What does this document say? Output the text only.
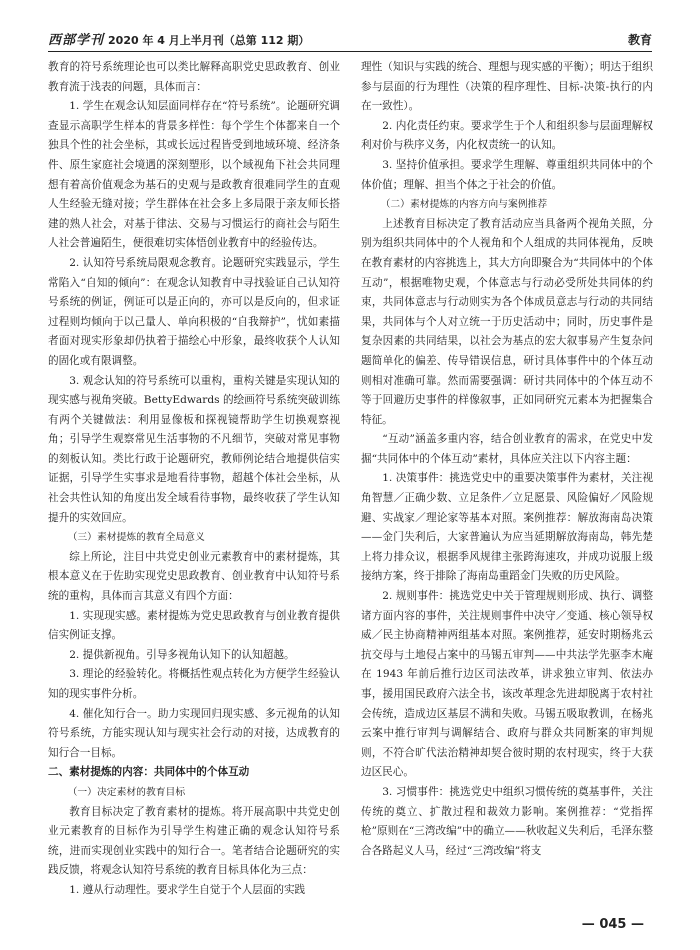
西部学刊 2020 年 4 月上半月刊（总第 112 期）	教育

教育的符号系统理论也可以类比解释高职党史思政教育、创业教育流于浅表的问题，具体而言：

1. 学生在观念认知层面同样存在“符号系统”。论题研究调查显示高职学生样本的背景多样性：每个学生个体都来自一个独具个性的社会坐标，其或长远过程皆受到地域环境、经济条件、原生家庭社会境遇的深刻塑形，以个域视角下社会共同理想有着高价值观念为基石的史观与是政教育很难同学生的直观人生经验无缝对接；学生群体在社会多上多局限于亲友师长搭建的熟人社会，对基于律法、交易与习惯运行的商社会与陌生人社会普遍陌生，便很难切实体悟创业教育中的经验传达。

2. 认知符号系统局限观念教育。论题研究实践显示，学生常陷入“自知的倾向”：在观念认知教育中寻找验证自己认知符号系统的例证，例证可以是正向的，亦可以是反向的，但求证过程则均倾向于以己量人、单向积极的“自我辩护”，忧如素描者面对现实形象却仍执着于描绘心中形象，最终收获个人认知的固化或有限调整。

3. 观念认知的符号系统可以重构，重构关键是实现认知的现实感与视角突破。BettyEdwards 的绘画符号系统突破训练有两个关键做法：利用显像板和探视镜帮助学生切换观察视角；引导学生观察常见生活事物的不凡细节，突破对常见事物的刻板认知。类比行政于论题研究，教师例论结合地提供信实证据，引导学生实事求是地看待事物，超越个体社会坐标，从社会共性认知的角度出发全域看待事物，最终收获了学生认知提升的实效回应。

（三）素材提炼的教育全局意义

综上所论，注目中共党史创业元素教育中的素材提炼，其根本意义在于佐助实现党史思政教育、创业教育中认知符号系统的重构，具体而言其意义有四个方面：

1. 实现现实感。素材提炼为党史思政教育与创业教育提供信实例证支撑。

2. 提供新视角。引导多视角认知下的认知超越。

3. 理论的经验转化。将概括性观点转化为方便学生经验认知的现实事件分析。

4. 催化知行合一。助力实现回归现实感、多元视角的认知符号系统，方能实现认知与现实社会行动的对接，达成教育的知行合一目标。

二、素材提炼的内容：共同体中的个体互动

（一）决定素材的教育目标

教育目标决定了教育素材的提炼。将开展高职中共党史创业元素教育的目标作为引导学生构建正确的观念认知符号系统，进而实现创业实践中的知行合一。笔者结合论题研究的实践反馈，将观念认知符号系统的教育目标具体化为三点：

1. 遵从行动理性。要求学生自觉于个人层面的实践

理性（知识与实践的统合、理想与现实感的平衡）；明达于组织参与层面的行为理性（决策的程序理性、目标-决策-执行的内在一致性）。

2. 内化责任约束。要求学生于个人和组织参与层面理解权利对价与秩序义务，内化权责统一的认知。

3. 坚持价值承担。要求学生理解、尊重组织共同体中的个体价值；理解、担当个体之于社会的价值。

（二）素材提炼的内容方向与案例推荐

上述教育目标决定了教育活动应当具备两个视角关照，分别为组织共同体中的个人视角和个人组成的共同体视角，反映在教育素材的内容挑选上，其大方向即聚合为“共同体中的个体互动”，根据唯物史观，个体意志与行动必受所处共同体的约束，共同体意志与行动则实为各个体成员意志与行动的共同结果，共同体与个人对立统一于历史活动中；同时，历史事件是复杂因素的共同结果，以社会为基点的宏大叙事易产生复杂问题简单化的偏差、传导错误信息，研讨具体事件中的个体互动则相对准确可靠。然而需要强调：研讨共同体中的个体互动不等于回避历史事件的样像叙事，正如同研究元素本为把握集合特征。

“互动”涵盖多重内容，结合创业教育的需求，在党史中发掘“共同体中的个体互动”素材，具体应关注以下内容主题：

1. 决策事件：挑选党史中的重要决策事件为素材，关注视角智慧／正确少数、立足条件／立足愿景、风险偏好／风险规避、实战家／理论家等基本对照。案例推荐：解放海南岛决策——金门失利后，大家普遍认为应当延期解放海南岛，韩先楚上将力排众议，根据季风规律主张跨海速攻，并成功说服上级接纳方案，终于排除了海南岛重蹈金门失败的历史风险。

2. 规则事件：挑选党史中关于管理规则形成、执行、调整诸方面内容的事件，关注规则事件中决守／变通、核心领导权威／民主协商精神两组基本对照。案例推荐，延安时期杨兆云抗交母与土地侵占案中的马锡五审判——中共法学先驱李木庵在 1943 年前后推行边区司法改革，讲求独立审判、依法办事，援用国民政府六法全书，该改革理念先进却脱离于农村社会传统，造成边区基层不满和失败。马锡五吸取教训，在杨兆云案中推行审判与调解结合、政府与群众共同断案的审判规则，不符合旷代法治精神却契合彼时期的农村现实，终于大获边区民心。

3. 习惯事件：挑选党史中组织习惯传统的奠基事件，关注传统的奠立、扩散过程和裁效力影响。案例推荐：“党指挥枪”原则在“三湾改编”中的确立——秋收起义失利后，毛泽东整合各路起义人马，经过“三湾改编”将支

— 045 —
